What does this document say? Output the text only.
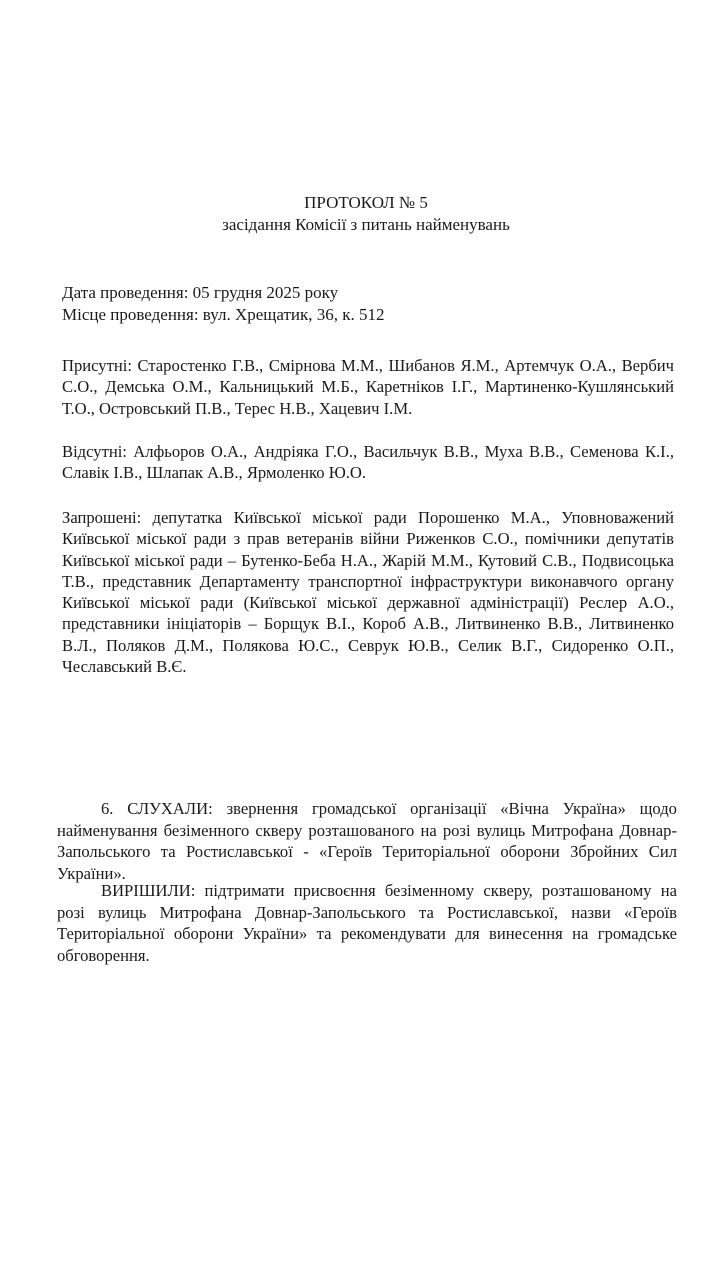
ПРОТОКОЛ № 5
засідання Комісії з питань найменувань
Дата проведення: 05 грудня 2025 року
Місце проведення: вул. Хрещатик, 36, к. 512
Присутні: Старостенко Г.В., Смірнова М.М., Шибанов Я.М., Артемчук О.А., Вербич С.О., Демська О.М., Кальницький М.Б., Каретніков І.Г., Мартиненко-Кушлянський Т.О., Островський П.В., Терес Н.В., Хацевич І.М.
Відсутні: Алфьоров О.А., Андріяка Г.О., Васильчук В.В., Муха В.В., Семенова К.І., Славік І.В., Шлапак А.В., Ярмоленко Ю.О.
Запрошені: депутатка Київської міської ради Порошенко М.А., Уповноважений Київської міської ради з прав ветеранів війни Риженков С.О., помічники депутатів Київської міської ради – Бутенко-Беба Н.А., Жарій М.М., Кутовий С.В., Подвисоцька Т.В., представник Департаменту транспортної інфраструктури виконавчого органу Київської міської ради (Київської міської державної адміністрації) Реслер А.О., представники ініціаторів – Борщук В.І., Короб А.В., Литвиненко В.В., Литвиненко В.Л., Поляков Д.М., Полякова Ю.С., Севрук Ю.В., Селик В.Г., Сидоренко О.П., Чеславський В.Є.
6. СЛУХАЛИ: звернення громадської організації «Вічна Україна» щодо найменування безіменного скверу розташованого на розі вулиць Митрофана Довнар-Запольського та Ростиславської - «Героїв Територіальної оборони Збройних Сил України».
ВИРІШИЛИ: підтримати присвоєння безіменному скверу, розташованому на розі вулиць Митрофана Довнар-Запольського та Ростиславської, назви «Героїв Територіальної оборони України» та рекомендувати для винесення на громадське обговорення.
